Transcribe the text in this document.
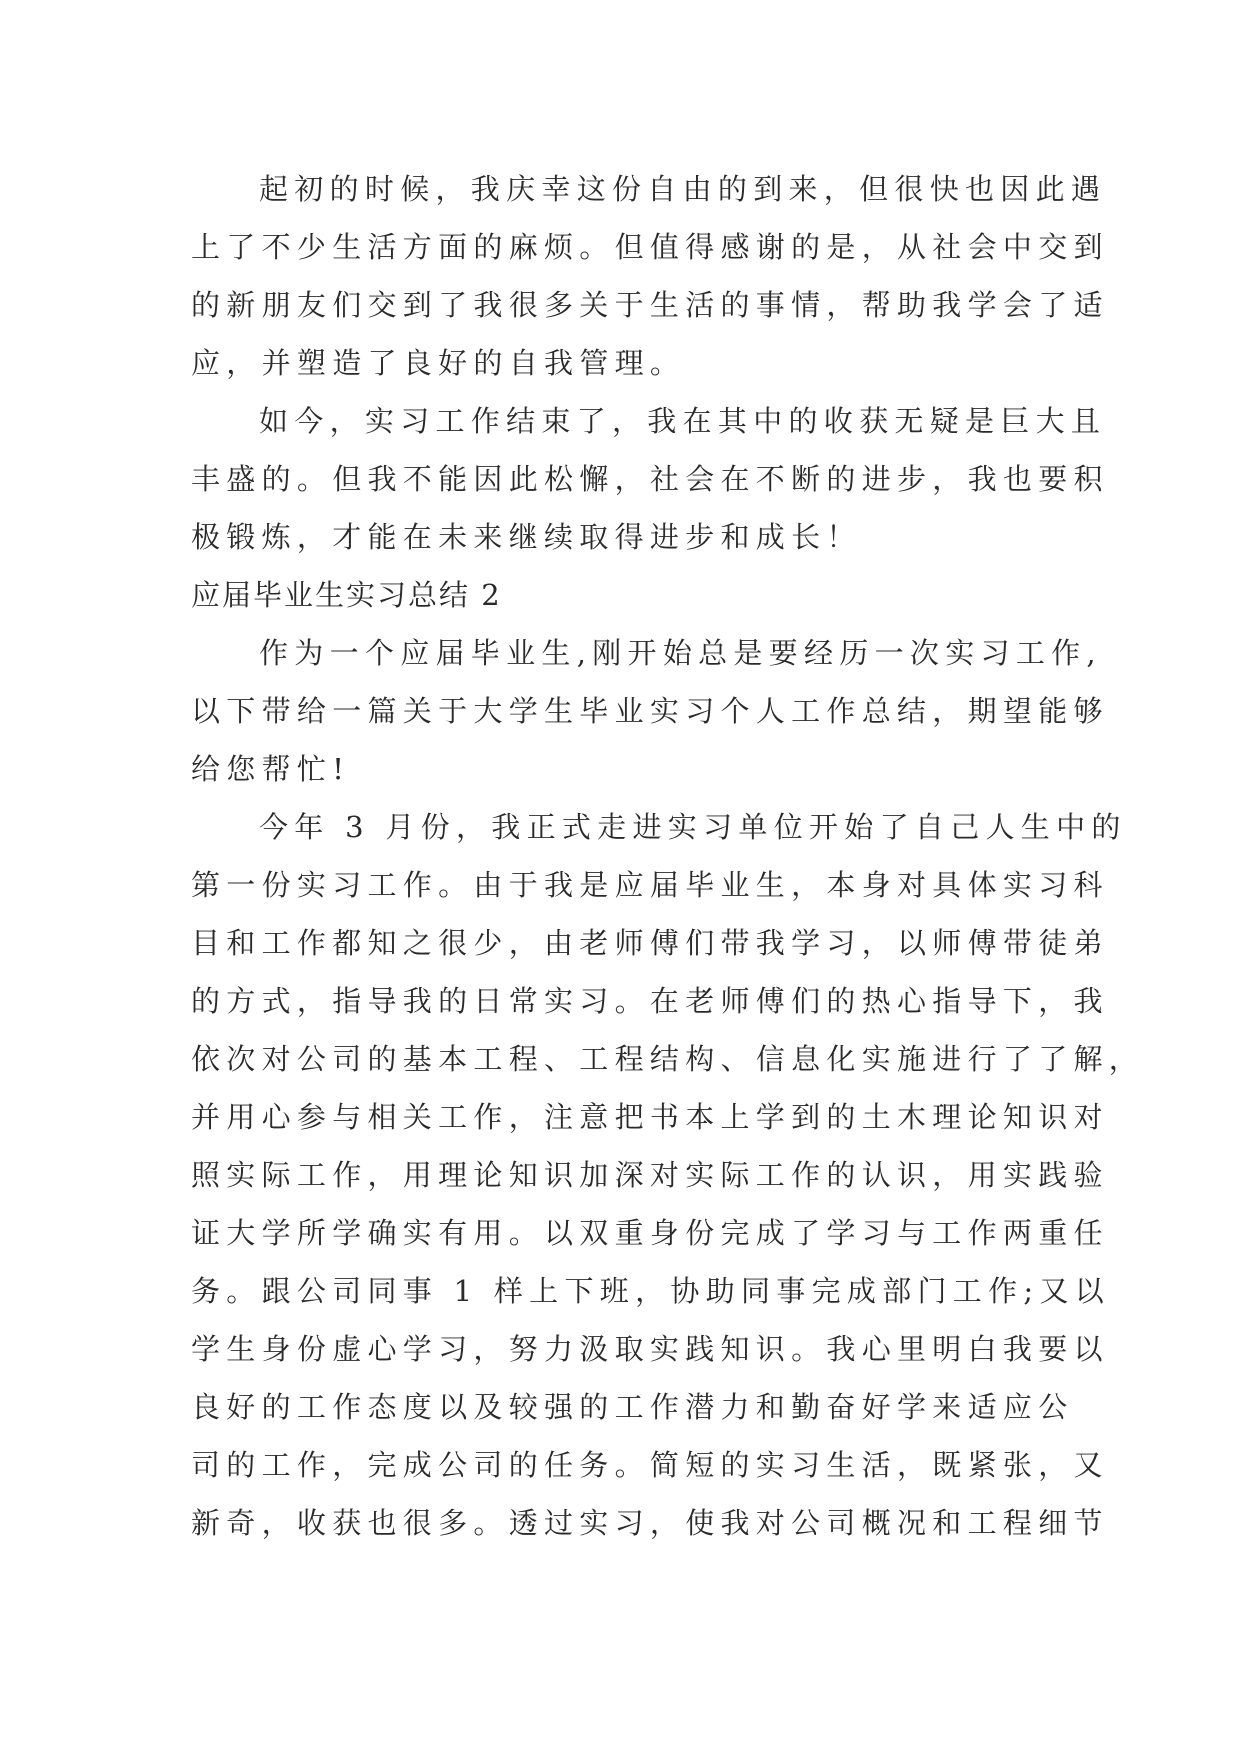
起初的时候，我庆幸这份自由的到来，但很快也因此遇
上了不少生活方面的麻烦。但值得感谢的是，从社会中交到
的新朋友们交到了我很多关于生活的事情，帮助我学会了适
应，并塑造了良好的自我管理。
如今，实习工作结束了，我在其中的收获无疑是巨大且
丰盛的。但我不能因此松懈，社会在不断的进步，我也要积
极锻炼，才能在未来继续取得进步和成长！
应届毕业生实习总结 2
作为一个应届毕业生,刚开始总是要经历一次实习工作,
以下带给一篇关于大学生毕业实习个人工作总结，期望能够
给您帮忙!
今年 3 月份，我正式走进实习单位开始了自己人生中的
第一份实习工作。由于我是应届毕业生，本身对具体实习科
目和工作都知之很少，由老师傅们带我学习，以师傅带徒弟
的方式，指导我的日常实习。在老师傅们的热心指导下，我
依次对公司的基本工程、工程结构、信息化实施进行了了解，
并用心参与相关工作，注意把书本上学到的土木理论知识对
照实际工作，用理论知识加深对实际工作的认识，用实践验
证大学所学确实有用。以双重身份完成了学习与工作两重任
务。跟公司同事 1 样上下班，协助同事完成部门工作;又以
学生身份虚心学习，努力汲取实践知识。我心里明白我要以
良好的工作态度以及较强的工作潜力和勤奋好学来适应公
司的工作，完成公司的任务。简短的实习生活，既紧张，又
新奇，收获也很多。透过实习，使我对公司概况和工程细节
